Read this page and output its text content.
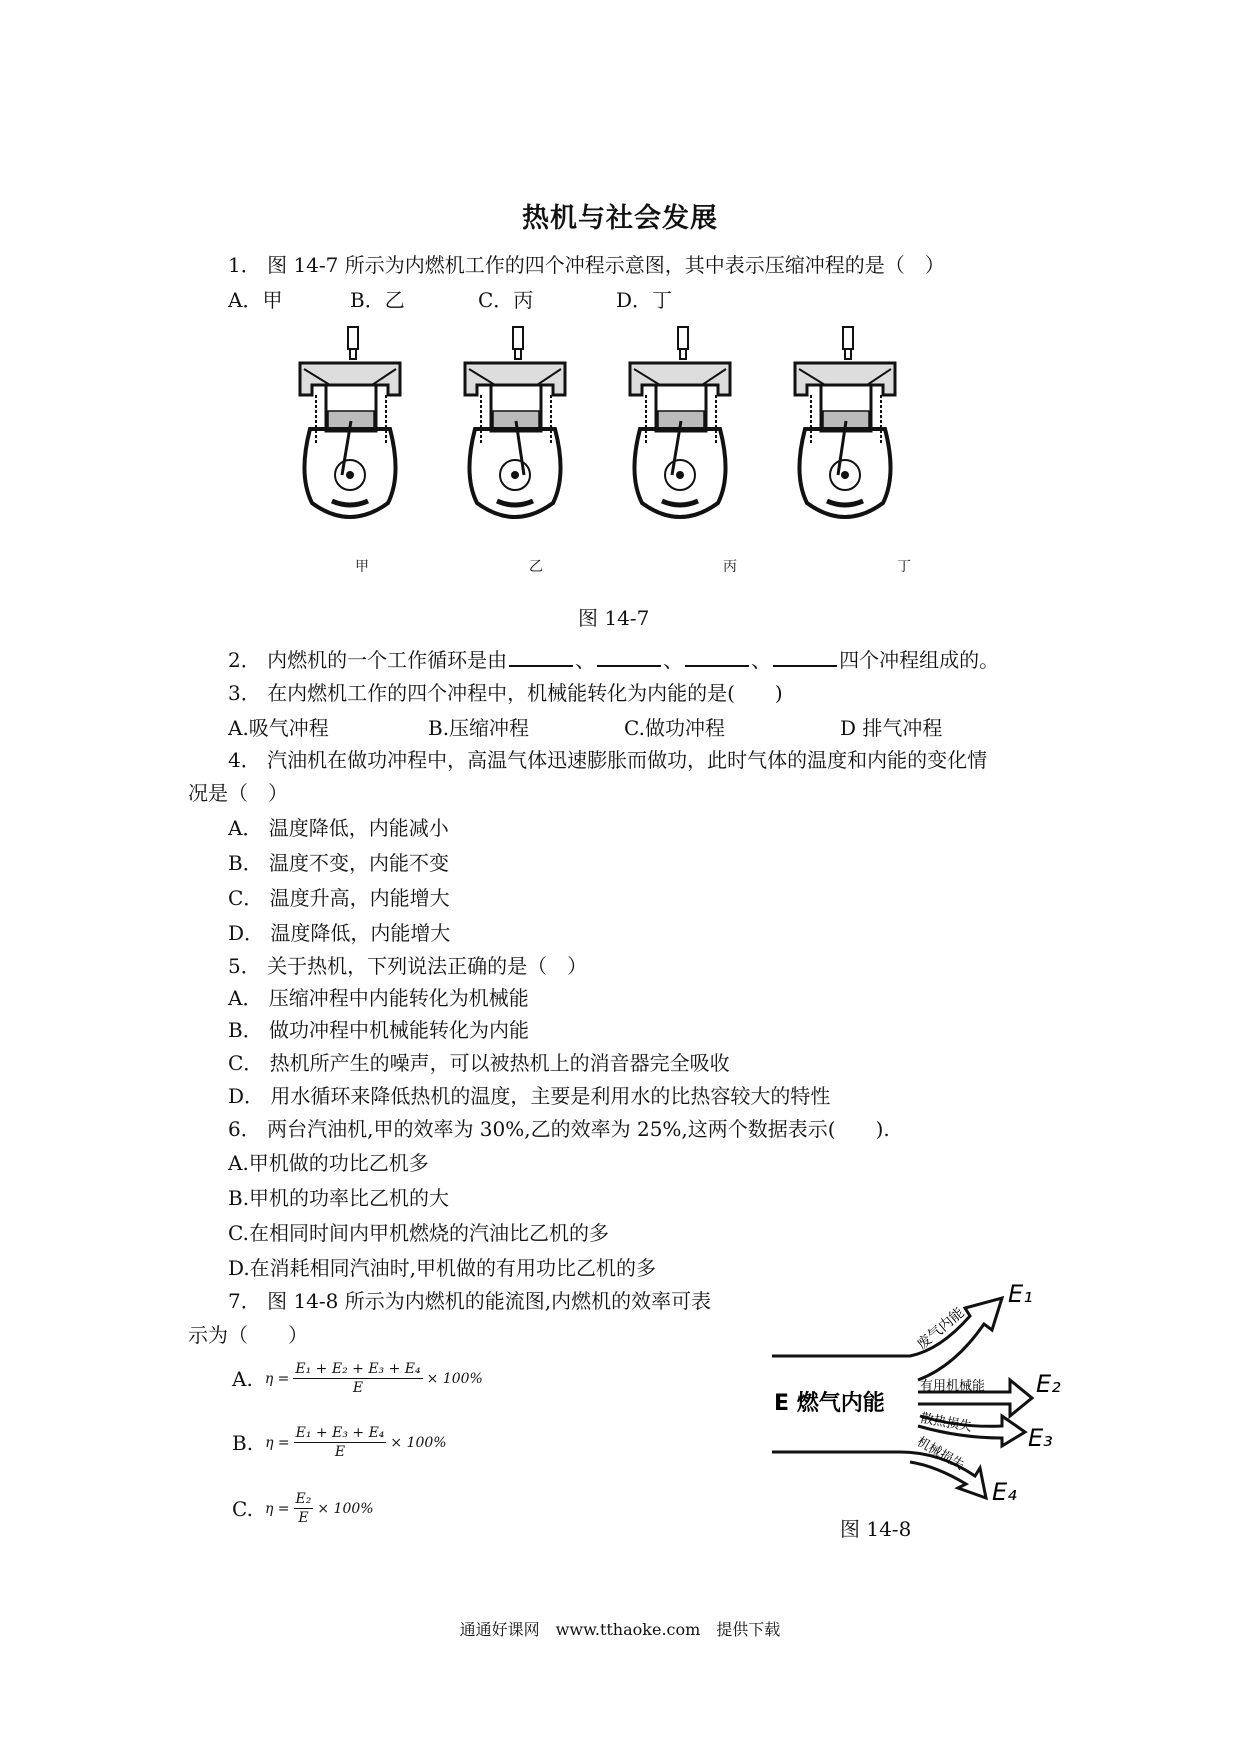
热机与社会发展
1． 图 14-7 所示为内燃机工作的四个冲程示意图，其中表示压缩冲程的是（　）
A．甲	B．乙	C．丙	D．丁
甲	乙	丙	丁
图 14-7
2． 内燃机的一个工作循环是由	、	、	、	四个冲程组成的。
3． 在内燃机工作的四个冲程中，机械能转化为内能的是(　　)
A.吸气冲程	B.压缩冲程	C.做功冲程	D 排气冲程
4． 汽油机在做功冲程中，高温气体迅速膨胀而做功，此时气体的温度和内能的变化情
况是（　）
A． 温度降低，内能减小
B． 温度不变，内能不变
C． 温度升高，内能增大
D． 温度降低，内能增大
5． 关于热机，下列说法正确的是（　）
A． 压缩冲程中内能转化为机械能
B． 做功冲程中机械能转化为内能
C． 热机所产生的噪声，可以被热机上的消音器完全吸收
D． 用水循环来降低热机的温度，主要是利用水的比热容较大的特性
6． 两台汽油机,甲的效率为 30%,乙的效率为 25%,这两个数据表示(　　).
A.甲机做的功比乙机多
B.甲机的功率比乙机的大
C.在相同时间内甲机燃烧的汽油比乙机的多
D.在消耗相同汽油时,甲机做的有用功比乙机的多
7． 图 14-8 所示为内燃机的能流图,内燃机的效率可表
示为（　　）
A. $\eta = \frac{\text{E₁ + E₂ + E₃ + E₄}}{E} \times 100\%$
B. $\eta = \frac{\text{E₁ + E₃ + E₄}}{E} \times 100\%$
C. $\eta = \frac{\text{E₂}}{E} \times 100\%$
废气内能
有用机械能
散热损失
机械损失
E 燃气内能
E₁
E₂
E₃
E₄
图 14-8
通通好课网　www.tthaoke.com　提供下载
